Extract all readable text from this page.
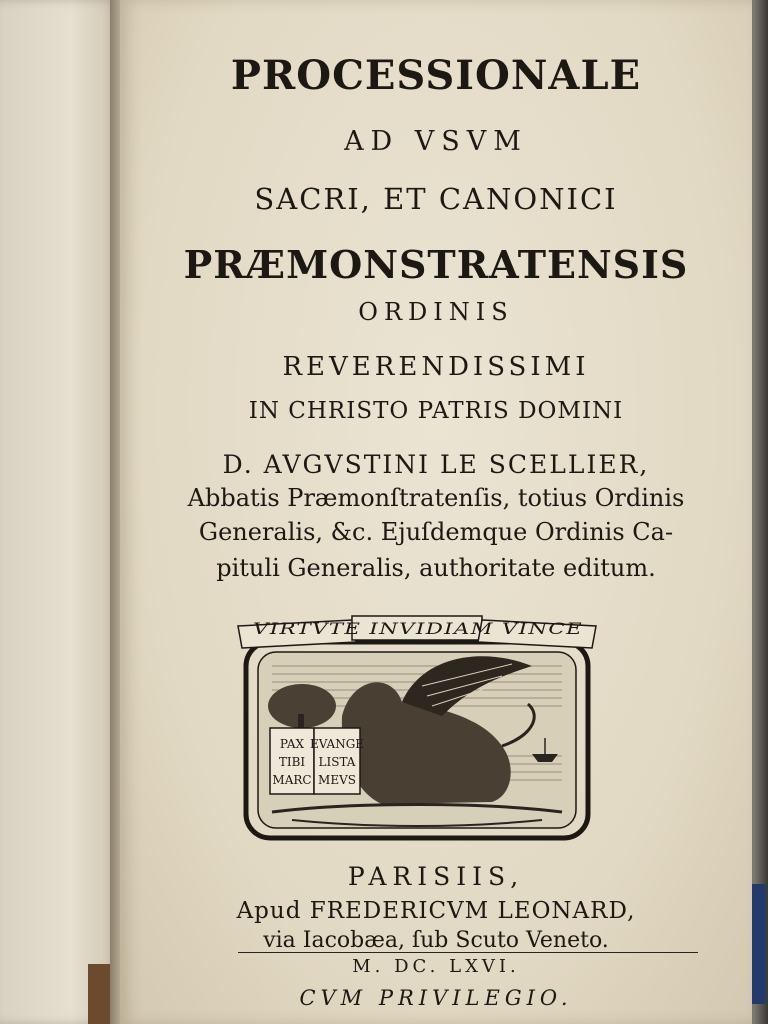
PROCESSIONALE
AD VSVM
SACRI, ET CANONICI
PRÆMONSTRATENSIS
ORDINIS
REVERENDISSIMI
IN CHRISTO PATRIS DOMINI
D. AVGVSTINI LE SCELLIER,
Abbatis Præmonſtratenſis, totius Ordinis
Generalis, &c. Ejuſdemque Ordinis Ca-
pituli Generalis, authoritate editum.
PAX
TIBI
MARC
EVANGE
LISTA
MEVS
VIRTVTE INVIDIAM VINCE
PARISIIS,
Apud FREDERICVM LEONARD,
via Iacobæa, ſub Scuto Veneto.
M. DC. LXVI.
CVM PRIVILEGIO.
